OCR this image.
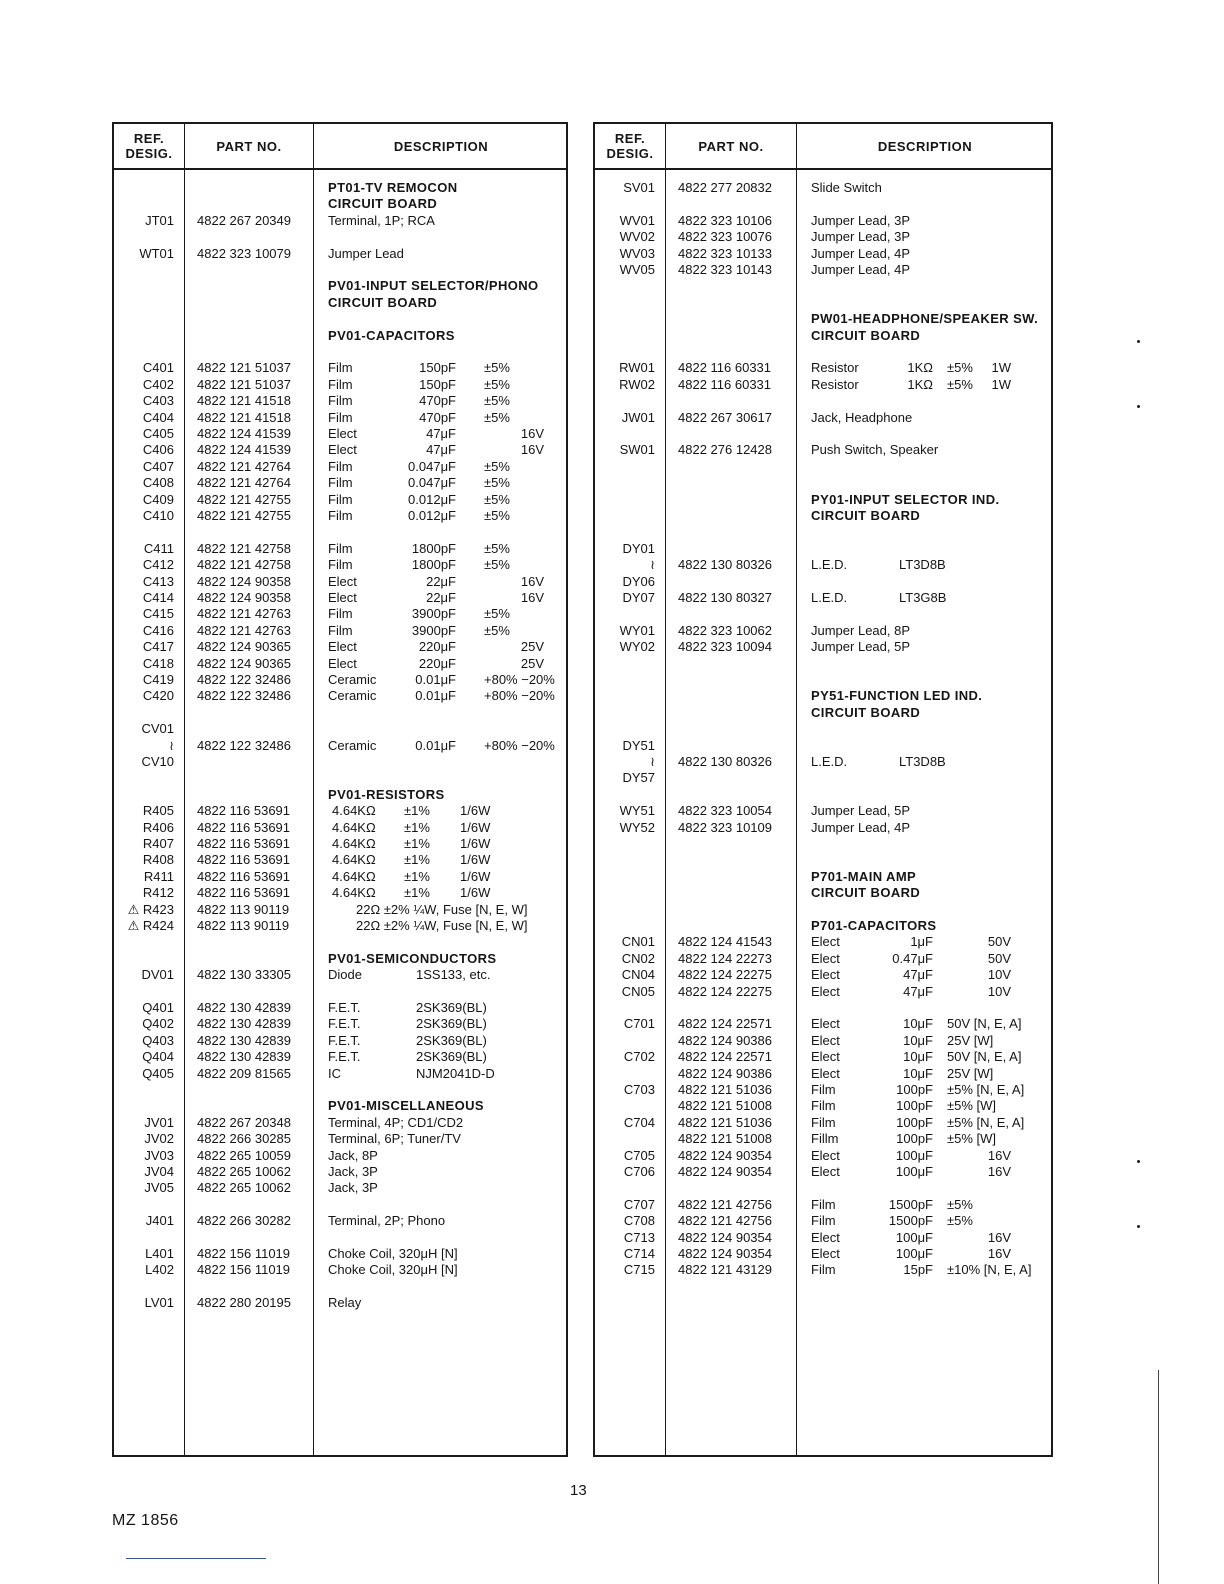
REF.
DESIG.	PART NO.	DESCRIPTION
PT01-TV REMOCON
CIRCUIT BOARD
JT01 4822 267 20349	Terminal, 1P; RCA
WT01 4822 323 10079	Jumper Lead
PV01-INPUT SELECTOR/PHONO
CIRCUIT BOARD
PV01-CAPACITORS
C401 4822 121 51037	Film	150pF ±5%
C402 4822 121 51037	Film	150pF ±5%
C403 4822 121 41518	Film	470pF ±5%
C404 4822 121 41518	Film	470pF ±5%
C405 4822 124 41539	Elect	47μF	16V
C406 4822 124 41539	Elect	47μF	16V
C407 4822 121 42764	Film	0.047μF ±5%
C408 4822 121 42764	Film	0.047μF ±5%
C409 4822 121 42755	Film	0.012μF ±5%
C410 4822 121 42755	Film	0.012μF ±5%
C411 4822 121 42758	Film	1800pF ±5%
C412 4822 121 42758	Film	1800pF ±5%
C413 4822 124 90358	Elect	22μF	16V
C414 4822 124 90358	Elect	22μF	16V
C415 4822 121 42763	Film	3900pF ±5%
C416 4822 121 42763	Film	3900pF ±5%
C417 4822 124 90365	Elect	220μF	25V
C418 4822 124 90365	Elect	220μF	25V
C419 4822 122 32486	Ceramic	0.01μF +80% −20%
C420 4822 122 32486	Ceramic	0.01μF +80% −20%
CV01
≀ 4822 122 32486	Ceramic	0.01μF +80% −20%
CV10
PV01-RESISTORS
R405 4822 116 53691	4.64KΩ ±1% 1/6W
R406 4822 116 53691	4.64KΩ ±1% 1/6W
R407 4822 116 53691	4.64KΩ ±1% 1/6W
R408 4822 116 53691	4.64KΩ ±1% 1/6W
R411 4822 116 53691	4.64KΩ ±1% 1/6W
R412 4822 116 53691	4.64KΩ ±1% 1/6W
⚠ R423 4822 113 90119	22Ω ±2% ¼W, Fuse [N, E, W]
⚠ R424 4822 113 90119	22Ω ±2% ¼W, Fuse [N, E, W]
PV01-SEMICONDUCTORS
DV01 4822 130 33305	Diode	1SS133, etc.
Q401 4822 130 42839	F.E.T.	2SK369(BL)
Q402 4822 130 42839	F.E.T.	2SK369(BL)
Q403 4822 130 42839	F.E.T.	2SK369(BL)
Q404 4822 130 42839	F.E.T.	2SK369(BL)
Q405 4822 209 81565	IC	NJM2041D-D
PV01-MISCELLANEOUS
JV01 4822 267 20348	Terminal, 4P; CD1/CD2
JV02 4822 266 30285	Terminal, 6P; Tuner/TV
JV03 4822 265 10059	Jack, 8P
JV04 4822 265 10062	Jack, 3P
JV05 4822 265 10062	Jack, 3P
J401 4822 266 30282	Terminal, 2P; Phono
L401 4822 156 11019	Choke Coil, 320μH [N]
L402 4822 156 11019	Choke Coil, 320μH [N]
LV01 4822 280 20195	Relay
REF.
DESIG.	PART NO.	DESCRIPTION
SV01 4822 277 20832	Slide Switch
WV01 4822 323 10106	Jumper Lead, 3P
WV02 4822 323 10076	Jumper Lead, 3P
WV03 4822 323 10133	Jumper Lead, 4P
WV05 4822 323 10143	Jumper Lead, 4P
PW01-HEADPHONE/SPEAKER SW.
CIRCUIT BOARD
RW01 4822 116 60331	Resistor	1KΩ ±5%	1W
RW02 4822 116 60331	Resistor	1KΩ ±5%	1W
JW01 4822 267 30617	Jack, Headphone
SW01 4822 276 12428	Push Switch, Speaker
PY01-INPUT SELECTOR IND.
CIRCUIT BOARD
DY01
≀ 4822 130 80326	L.E.D.	LT3D8B
DY06
DY07 4822 130 80327	L.E.D.	LT3G8B
WY01 4822 323 10062	Jumper Lead, 8P
WY02 4822 323 10094	Jumper Lead, 5P
PY51-FUNCTION LED IND.
CIRCUIT BOARD
DY51
≀ 4822 130 80326	L.E.D.	LT3D8B
DY57
WY51 4822 323 10054	Jumper Lead, 5P
WY52 4822 323 10109	Jumper Lead, 4P
P701-MAIN AMP
CIRCUIT BOARD
P701-CAPACITORS
CN01 4822 124 41543	Elect	1μF	50V
CN02 4822 124 22273	Elect	0.47μF	50V
CN04 4822 124 22275	Elect	47μF	10V
CN05 4822 124 22275	Elect	47μF	10V
C701 4822 124 22571	Elect	10μF 50V [N, E, A]
4822 124 90386	Elect	10μF 25V [W]
C702 4822 124 22571	Elect	10μF 50V [N, E, A]
4822 124 90386	Elect	10μF 25V [W]
C703 4822 121 51036	Film	100pF ±5% [N, E, A]
4822 121 51008	Film	100pF ±5% [W]
C704 4822 121 51036	Film	100pF ±5% [N, E, A]
4822 121 51008	Fillm	100pF ±5% [W]
C705 4822 124 90354	Elect	100μF	16V
C706 4822 124 90354	Elect	100μF	16V
C707 4822 121 42756	Film	1500pF ±5%
C708 4822 121 42756	Film	1500pF ±5%
C713 4822 124 90354	Elect	100μF	16V
C714 4822 124 90354	Elect	100μF	16V
C715 4822 121 43129	Film	15pF ±10% [N, E, A]
13
MZ 1856
